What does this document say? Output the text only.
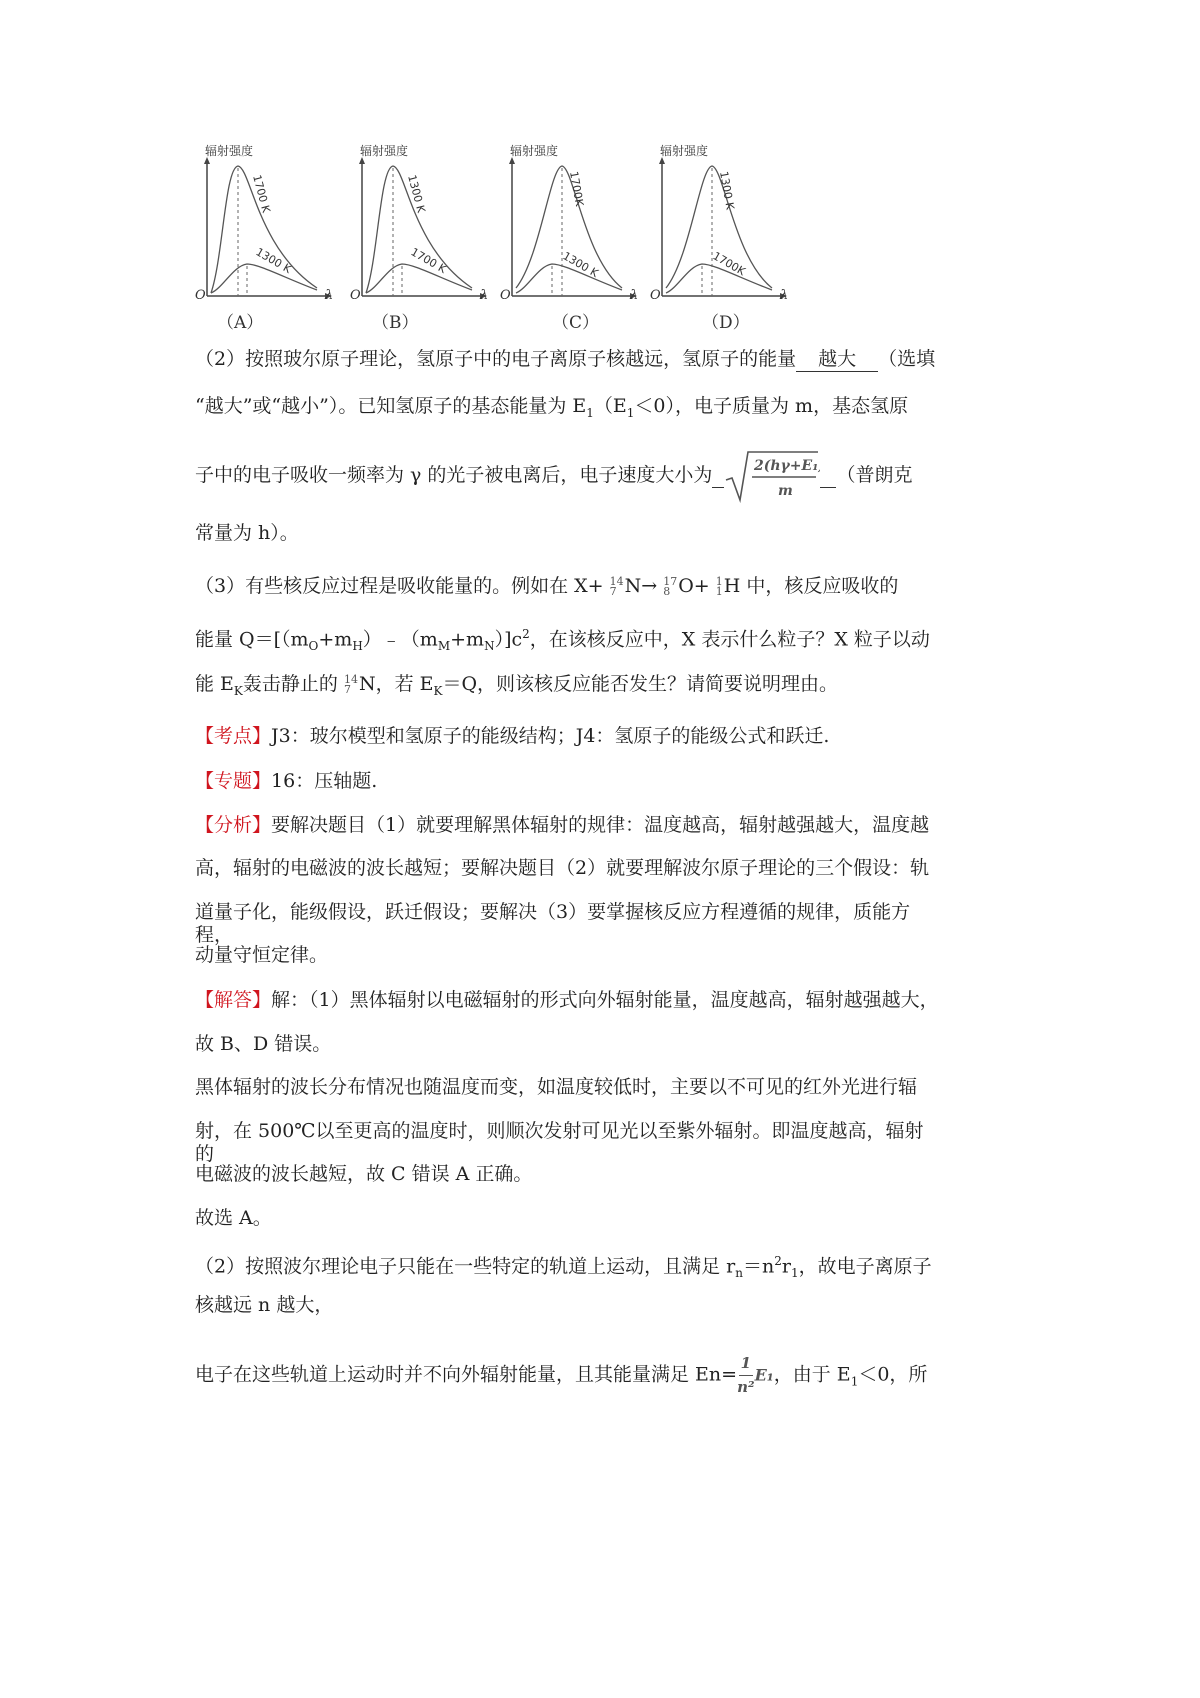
辐射强度
1700 K
1300 K
O	λ
（A）
辐射强度
1300 K
1700 K
O	λ
（B）
辐射强度
1700K
1300 K
O	λ
（C）
辐射强度
1300 K
1700K
O	λ
（D）
（2）按照玻尔原子理论，氢原子中的电子离原子核越远，氢原子的能量 越大 （选填
“越大”或“越小”）。已知氢原子的基态能量为 $E_1(E_1<0)$，电子质量为 m，基态氢原
子中的电子吸收一频率为 γ 的光子被电离后，电子速度大小为	2(hγ+E₁)
m
（普朗克
常量为 h）。
（3）有些核反应过程是吸收能量的。例如在 X+ 14
7 N→ 17
8 O+ 1
1 H 中，核反应吸收的
能量 $Q=[(m_O+m_H)﹣(m_M+m_N)]c^2$，在该核反应中，X 表示什么粒子？X 粒子以动
能 $E_K$轰击静止的 14
7 N，若 $E_K=Q$，则该核反应能否发生？请简要说明理由。
【考点】J3：玻尔模型和氢原子的能级结构；J4：氢原子的能级公式和跃迁.
【专题】16：压轴题.
【分析】要解决题目（1）就要理解黑体辐射的规律：温度越高，辐射越强越大，温度越
高，辐射的电磁波的波长越短；要解决题目（2）就要理解波尔原子理论的三个假设：轨
道量子化，能级假设，跃迁假设；要解决（3）要掌握核反应方程遵循的规律，质能方程，
动量守恒定律。
【解答】解：（1）黑体辐射以电磁辐射的形式向外辐射能量，温度越高，辐射越强越大，
故 B、D 错误。
黑体辐射的波长分布情况也随温度而变，如温度较低时，主要以不可见的红外光进行辐
射，在 500℃以至更高的温度时，则顺次发射可见光以至紫外辐射。即温度越高，辐射的
电磁波的波长越短，故 C 错误 A 正确。
故选 A。
（2）按照波尔理论电子只能在一些特定的轨道上运动，且满足 $r_n=n^2r_1$，故电子离原子
核越远 n 越大，
电子在这些轨道上运动时并不向外辐射能量，且其能量满足 $En= \frac{1}{\text{n²}} E_1$，由于 $E_1<0$，所
